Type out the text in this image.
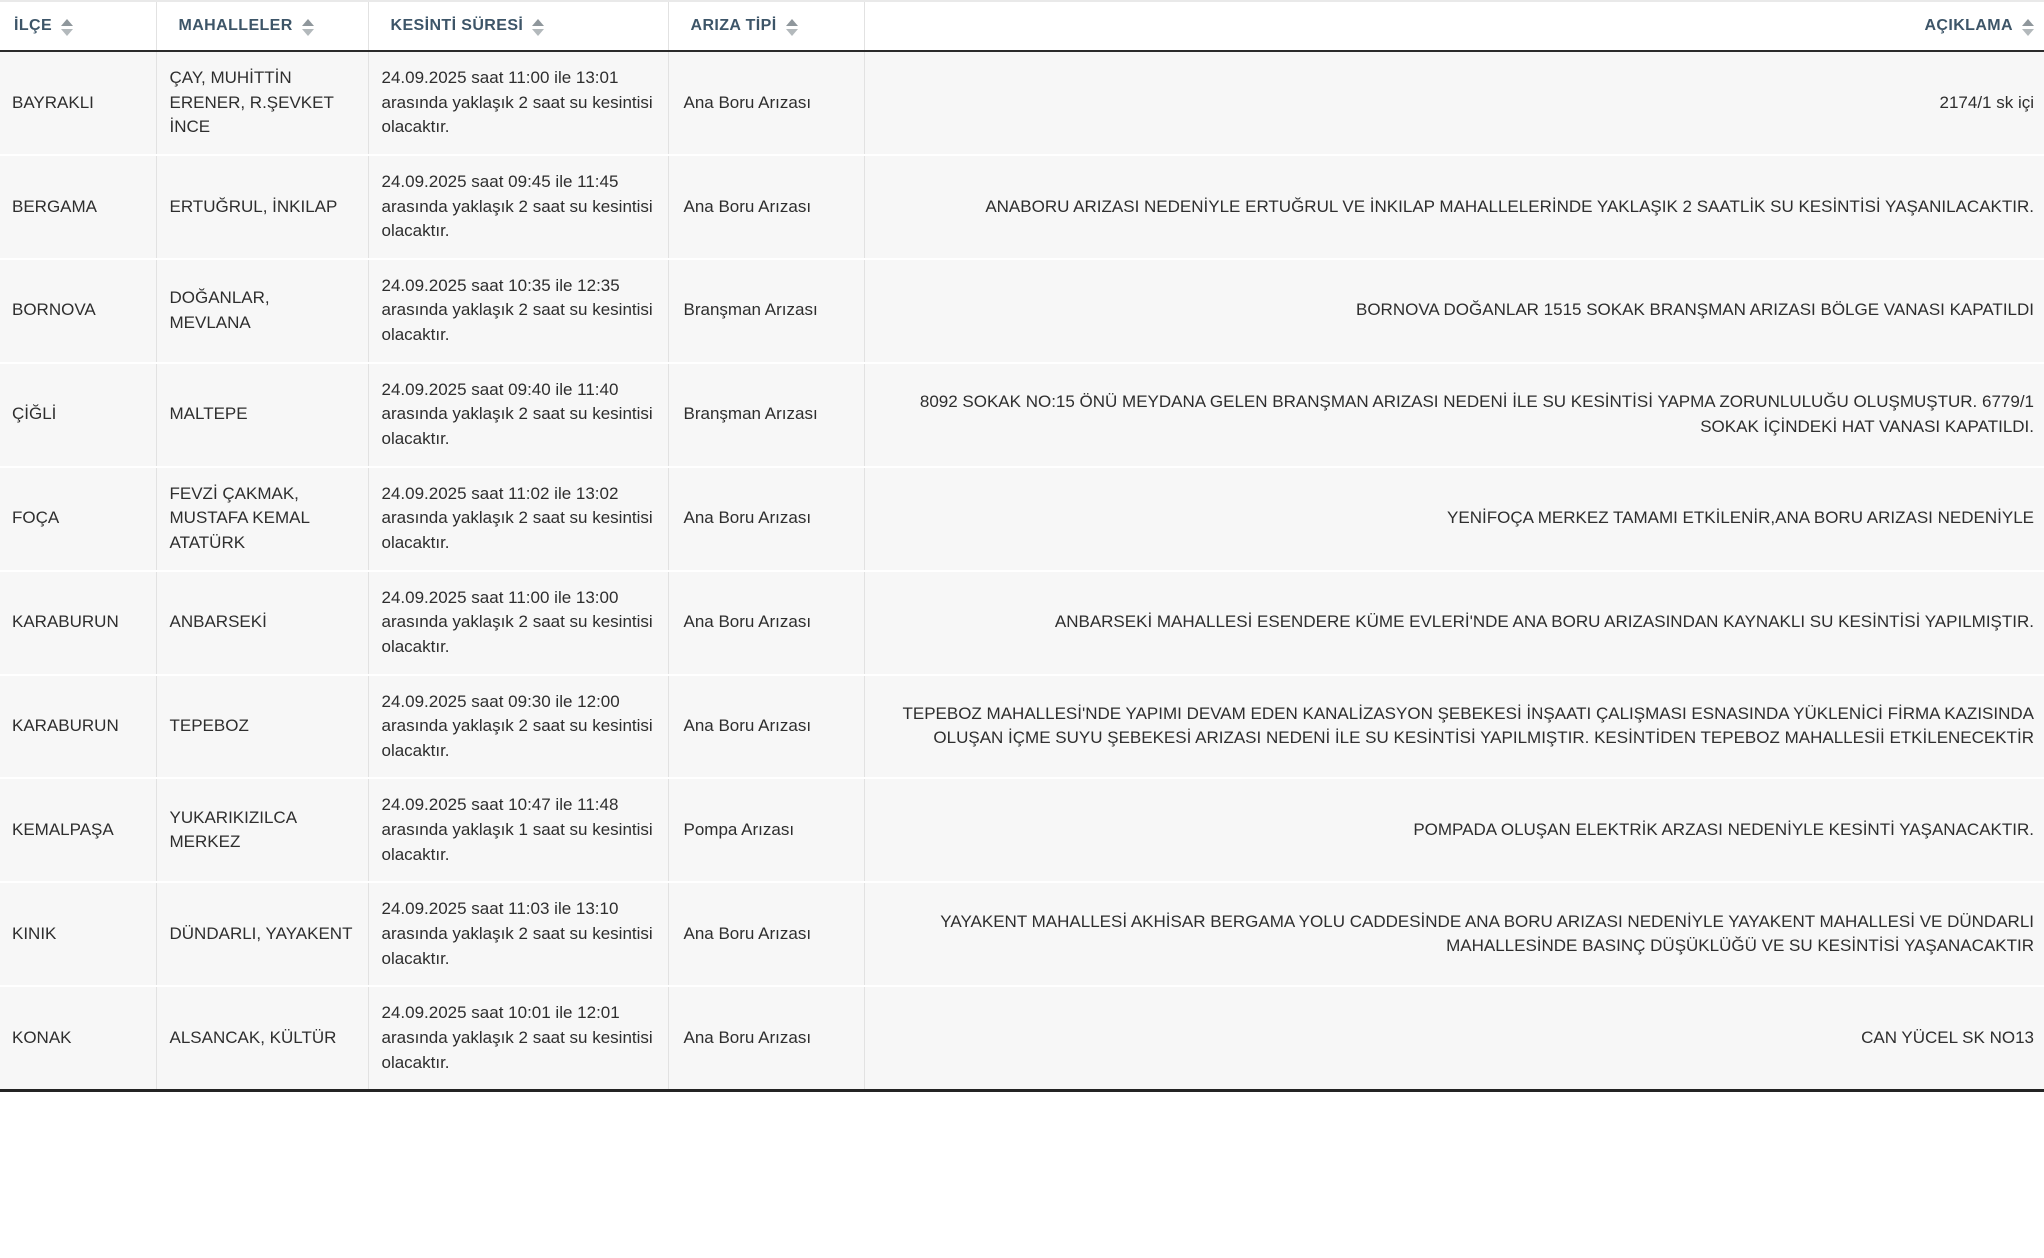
İLÇE	MAHALLELER	KESİNTİ SÜRESİ	ARIZA TİPİ	AÇIKLAMA

BAYRAKLI	ÇAY, MUHİTTİN ERENER, R.ŞEVKET İNCE	24.09.2025 saat 11:00 ile 13:01 arasında yaklaşık 2 saat su kesintisi olacaktır.	Ana Boru Arızası	2174/1 sk içi
BERGAMA	ERTUĞRUL, İNKILAP	24.09.2025 saat 09:45 ile 11:45 arasında yaklaşık 2 saat su kesintisi olacaktır.	Ana Boru Arızası	ANABORU ARIZASI NEDENİYLE ERTUĞRUL VE İNKILAP MAHALLELERİNDE YAKLAŞIK 2 SAATLİK SU KESİNTİSİ YAŞANILACAKTIR.
BORNOVA	DOĞANLAR, MEVLANA	24.09.2025 saat 10:35 ile 12:35 arasında yaklaşık 2 saat su kesintisi olacaktır.	Branşman Arızası	BORNOVA DOĞANLAR 1515 SOKAK BRANŞMAN ARIZASI BÖLGE VANASI KAPATILDI
ÇİĞLİ	MALTEPE	24.09.2025 saat 09:40 ile 11:40 arasında yaklaşık 2 saat su kesintisi olacaktır.	Branşman Arızası	8092 SOKAK NO:15 ÖNÜ MEYDANA GELEN BRANŞMAN ARIZASI NEDENİ İLE SU KESİNTİSİ YAPMA ZORUNLULUĞU OLUŞMUŞTUR. 6779/1 SOKAK İÇİNDEKİ HAT VANASI KAPATILDI.
FOÇA	FEVZİ ÇAKMAK, MUSTAFA KEMAL ATATÜRK	24.09.2025 saat 11:02 ile 13:02 arasında yaklaşık 2 saat su kesintisi olacaktır.	Ana Boru Arızası	YENİFOÇA MERKEZ TAMAMI ETKİLENİR,ANA BORU ARIZASI NEDENİYLE
KARABURUN	ANBARSEKİ	24.09.2025 saat 11:00 ile 13:00 arasında yaklaşık 2 saat su kesintisi olacaktır.	Ana Boru Arızası	ANBARSEKİ MAHALLESİ ESENDERE KÜME EVLERİ'NDE ANA BORU ARIZASINDAN KAYNAKLI SU KESİNTİSİ YAPILMIŞTIR.
KARABURUN	TEPEBOZ	24.09.2025 saat 09:30 ile 12:00 arasında yaklaşık 2 saat su kesintisi olacaktır.	Ana Boru Arızası	TEPEBOZ MAHALLESİ'NDE YAPIMI DEVAM EDEN KANALİZASYON ŞEBEKESİ İNŞAATI ÇALIŞMASI ESNASINDA YÜKLENİCİ FİRMA KAZISINDA OLUŞAN İÇME SUYU ŞEBEKESİ ARIZASI NEDENİ İLE SU KESİNTİSİ YAPILMIŞTIR. KESİNTİDEN TEPEBOZ MAHALLESİİ ETKİLENECEKTİR
KEMALPAŞA	YUKARIKIZILCA MERKEZ	24.09.2025 saat 10:47 ile 11:48 arasında yaklaşık 1 saat su kesintisi olacaktır.	Pompa Arızası	POMPADA OLUŞAN ELEKTRİK ARZASI NEDENİYLE KESİNTİ YAŞANACAKTIR.
KINIK	DÜNDARLI, YAYAKENT	24.09.2025 saat 11:03 ile 13:10 arasında yaklaşık 2 saat su kesintisi olacaktır.	Ana Boru Arızası	YAYAKENT MAHALLESİ AKHİSAR BERGAMA YOLU CADDESİNDE ANA BORU ARIZASI NEDENİYLE YAYAKENT MAHALLESİ VE DÜNDARLI MAHALLESİNDE BASINÇ DÜŞÜKLÜĞÜ VE SU KESİNTİSİ YAŞANACAKTIR
KONAK	ALSANCAK, KÜLTÜR	24.09.2025 saat 10:01 ile 12:01 arasında yaklaşık 2 saat su kesintisi olacaktır.	Ana Boru Arızası	CAN YÜCEL SK NO13
